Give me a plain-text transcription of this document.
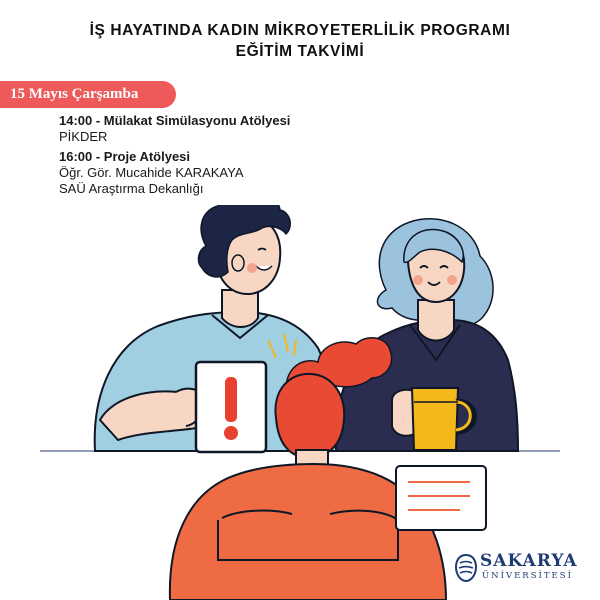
İŞ HAYATINDA KADIN MİKROYETERLİLİK PROGRAMI
EĞİTİM TAKVİMİ
15 Mayıs Çarşamba
14:00 - Mülakat Simülasyonu Atölyesi
PİKDER
16:00 - Proje Atölyesi
Öğr. Gör. Mucahide KARAKAYA
SAÜ Araştırma Dekanlığı
SAKARYA
ÜNİVERSİTESİ
